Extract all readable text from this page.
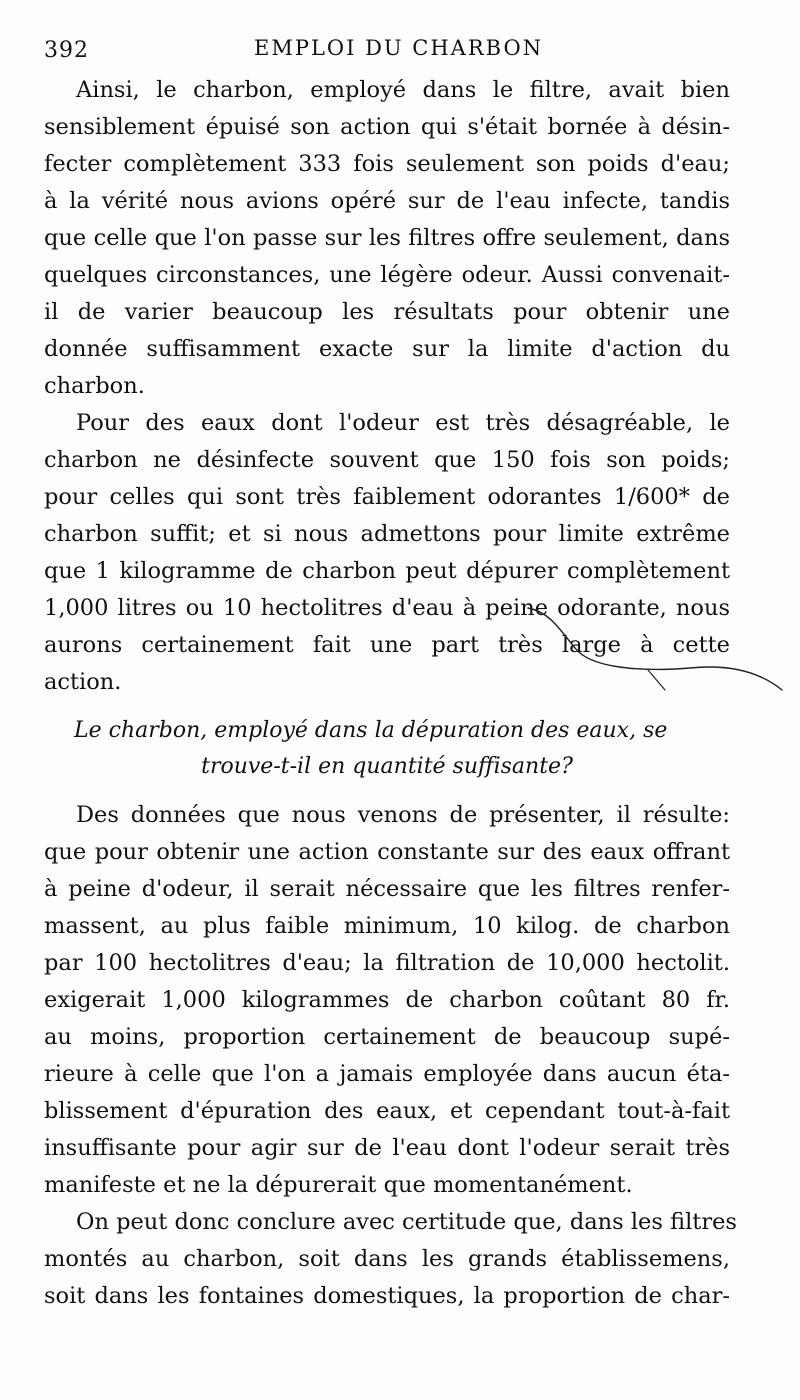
392	EMPLOI DU CHARBON
Ainsi, le charbon, employé dans le filtre, avait bien
sensiblement épuisé son action qui s'était bornée à désin-
fecter complètement 333 fois seulement son poids d'eau;
à la vérité nous avions opéré sur de l'eau infecte, tandis
que celle que l'on passe sur les filtres offre seulement, dans
quelques circonstances, une légère odeur. Aussi convenait-
il de varier beaucoup les résultats pour obtenir une
donnée suffisamment exacte sur la limite d'action du
charbon.
Pour des eaux dont l'odeur est très désagréable, le
charbon ne désinfecte souvent que 150 fois son poids;
pour celles qui sont très faiblement odorantes 1/600* de
charbon suffit; et si nous admettons pour limite extrême
que 1 kilogramme de charbon peut dépurer complètement
1,000 litres ou 10 hectolitres d'eau à peine odorante, nous
aurons certainement fait une part très large à cette
action.
Le charbon, employé dans la dépuration des eaux, se
trouve-t-il en quantité suffisante?
Des données que nous venons de présenter, il résulte:
que pour obtenir une action constante sur des eaux offrant
à peine d'odeur, il serait nécessaire que les filtres renfer-
massent, au plus faible minimum, 10 kilog. de charbon
par 100 hectolitres d'eau; la filtration de 10,000 hectolit.
exigerait 1,000 kilogrammes de charbon coûtant 80 fr.
au moins, proportion certainement de beaucoup supé-
rieure à celle que l'on a jamais employée dans aucun éta-
blissement d'épuration des eaux, et cependant tout-à-fait
insuffisante pour agir sur de l'eau dont l'odeur serait très
manifeste et ne la dépurerait que momentanément.
On peut donc conclure avec certitude que, dans les filtres
montés au charbon, soit dans les grands établissemens,
soit dans les fontaines domestiques, la proportion de char-
